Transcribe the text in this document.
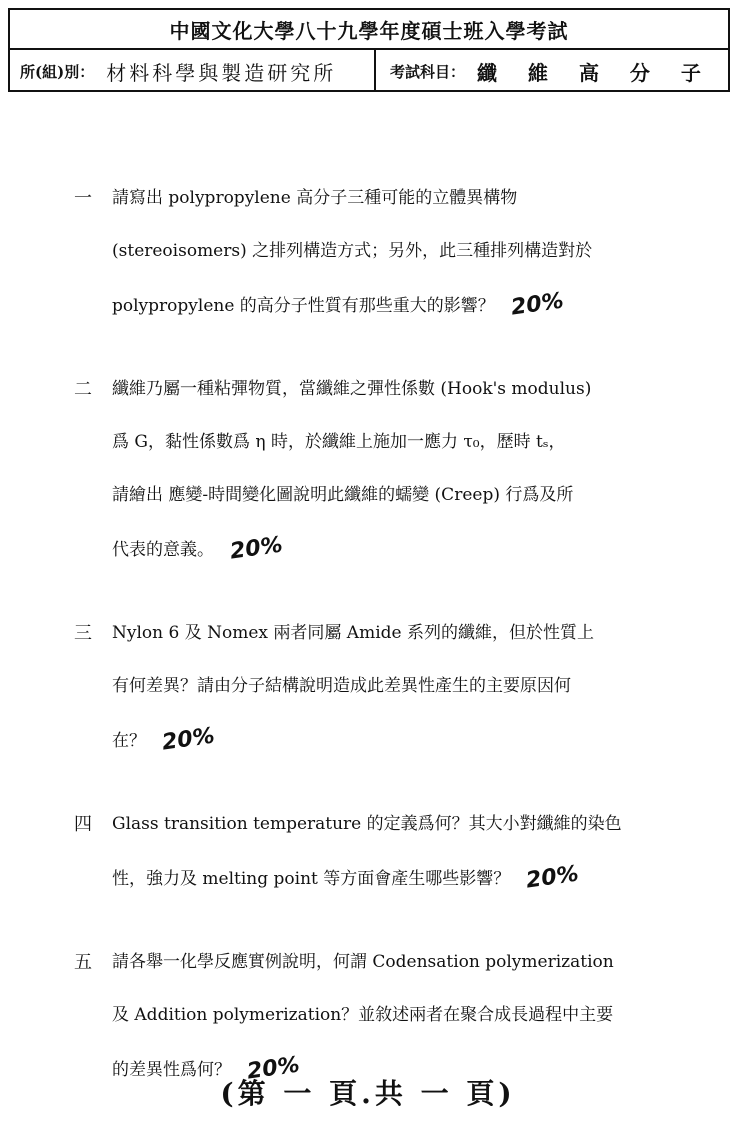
中國文化大學八十九學年度碩士班入學考試
所(組)別： 材料科學與製造研究所	考試科目： 纖 維 高 分 子
一	請寫出 polypropylene 高分子三種可能的立體異構物
(stereoisomers) 之排列構造方式；另外，此三種排列構造對於
polypropylene 的高分子性質有那些重大的影響？ 20%
二	纖維乃屬一種粘彈物質，當纖維之彈性係數 (Hook's modulus)
爲 G，黏性係數爲 η 時，於纖維上施加一應力 τ₀，歷時 tₛ，
請繪出 應變-時間變化圖說明此纖維的蠕變 (Creep) 行爲及所
代表的意義。 20%
三	Nylon 6 及 Nomex 兩者同屬 Amide 系列的纖維，但於性質上
有何差異？請由分子結構說明造成此差異性產生的主要原因何
在？ 20%
四	Glass transition temperature 的定義爲何？其大小對纖維的染色
性，強力及 melting point 等方面會產生哪些影響？ 20%
五	請各舉一化學反應實例說明，何謂 Codensation polymerization
及 Addition polymerization？並敘述兩者在聚合成長過程中主要
的差異性爲何？ 20%
(第 一 頁.共 一 頁)
